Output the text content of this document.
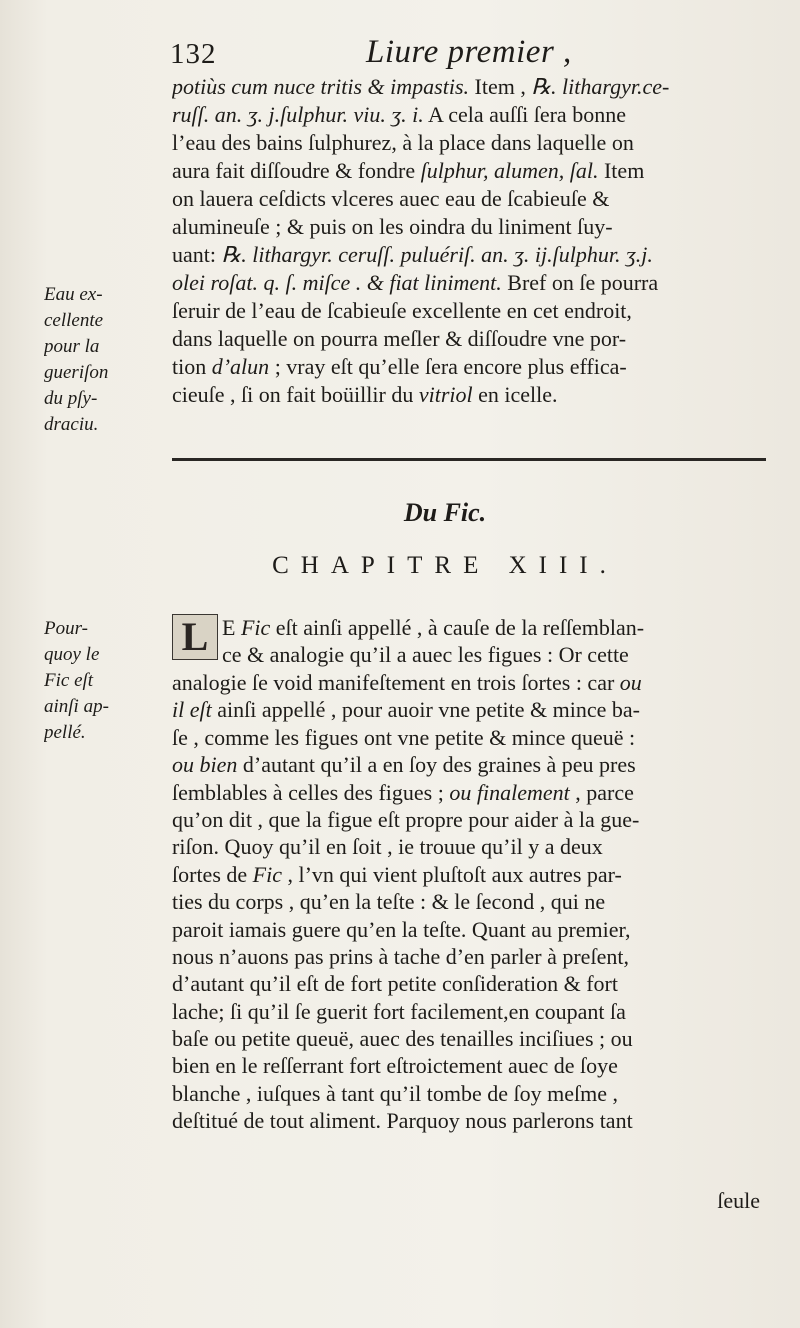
132	Liure premier ,
potiùs cum nuce tritis & impastis. Item , ℞. lithargyr.ce-
ruſſ. an. ʒ. j.ſulphur. viu. ʒ. i. A cela auſſi ſera bonne
l’eau des bains ſulphurez, à la place dans laquelle on
aura fait diſſoudre & fondre ſulphur, alumen, ſal. Item
on lauera ceſdicts vlceres auec eau de ſcabieuſe &
alumineuſe ; & puis on les oindra du liniment ſuy-
uant: ℞. lithargyr. ceruſſ. puluériſ. an. ʒ. ij.ſulphur. ʒ.j.
olei roſat. q. ſ. miſce . & fiat liniment. Bref on ſe pourra
ſeruir de l’eau de ſcabieuſe excellente en cet endroit,
dans laquelle on pourra meſler & diſſoudre vne por-
tion d’alun ; vray eſt qu’elle ſera encore plus effica-
cieuſe , ſi on fait boüillir du vitriol en icelle.
Eau ex-
cellente
pour la
gueriſon
du pſy-
draciu.
Du Fic.
CHAPITRE XIII.
L E Fic eſt ainſi appellé , à cauſe de la reſſemblan-
ce & analogie qu’il a auec les figues : Or cette
analogie ſe void manifeſtement en trois ſortes : car ou
il eſt ainſi appellé , pour auoir vne petite & mince ba-
ſe , comme les figues ont vne petite & mince queuë :
ou bien d’autant qu’il a en ſoy des graines à peu pres
ſemblables à celles des figues ; ou finalement , parce
qu’on dit , que la figue eſt propre pour aider à la gue-
riſon. Quoy qu’il en ſoit , ie trouue qu’il y a deux
ſortes de Fic , l’vn qui vient pluſtoſt aux autres par-
ties du corps , qu’en la teſte : & le ſecond , qui ne
paroit iamais guere qu’en la teſte. Quant au premier,
nous n’auons pas prins à tache d’en parler à preſent,
d’autant qu’il eſt de fort petite conſideration & fort
lache; ſi qu’il ſe guerit fort facilement,en coupant ſa
baſe ou petite queuë, auec des tenailles inciſiues ; ou
bien en le reſſerrant fort eſtroictement auec de ſoye
blanche , iuſques à tant qu’il tombe de ſoy meſme ,
deſtitué de tout aliment. Parquoy nous parlerons tant
Pour-
quoy le
Fic eſt
ainſi ap-
pellé.
ſeule
